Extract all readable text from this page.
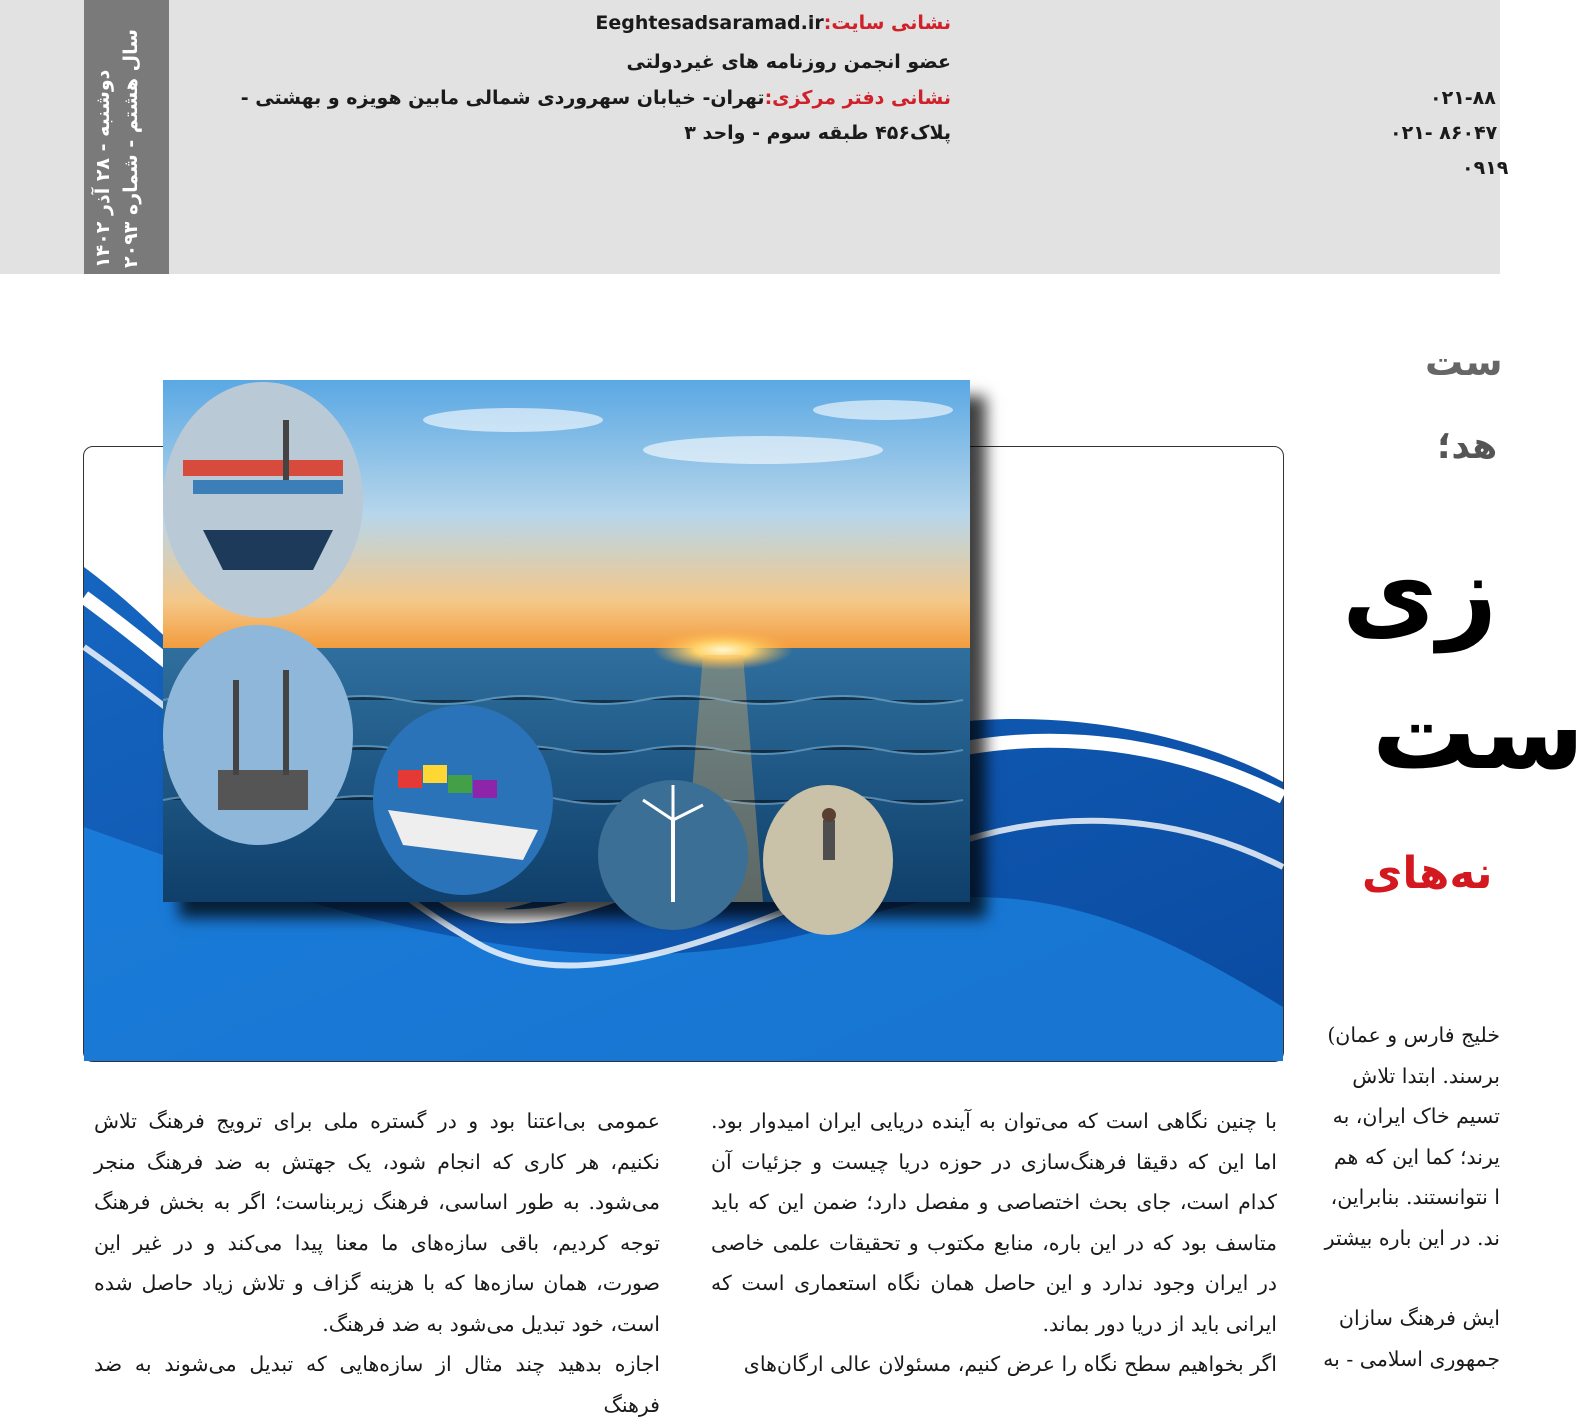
دوشنبه - ۲۸ آذر ۱۴۰۲
سال هشتم - شماره ۲۰۹۳
نشانی سایت:Eeghtesadsaramad.ir
عضو انجمن روزنامه های غیردولتی
نشانی دفتر مرکزی:تهران- خیابان سهروردی شمالی مابین هویزه و بهشتی -
پلاک۴۵۶ طبقه سوم - واحد ۳
۰۲۱-۸۸
۰۲۱- ۸۶۰۴۷
۰۹۱۹
ست
هد؛
زی
ست
نه‌های

عمومی بی‌اعتنا بود و در گستره ملی برای ترویج فرهنگ تلاش نکنیم، هر کاری که انجام شود، یک جهتش به ضد فرهنگ منجر می‌شود. به طور اساسی، فرهنگ زیربناست؛ اگر به بخش فرهنگ توجه کردیم، باقی سازه‌های ما معنا پیدا می‌کند و در غیر این صورت، همان سازه‌ها که با هزینه گزاف و تلاش زیاد حاصل شده است، خود تبدیل می‌شود به ضد فرهنگ.

اجازه بدهید چند مثال از سازه‌هایی که تبدیل می‌شوند به ضد فرهنگ

با چنین نگاهی است که می‌توان به آینده دریایی ایران امیدوار بود. اما این که دقیقا فرهنگ‌سازی در حوزه دریا چیست و جزئیات آن کدام است، جای بحث اختصاصی و مفصل دارد؛ ضمن این که باید متاسف بود که در این باره، منابع مکتوب و تحقیقات علمی خاصی در ایران وجود ندارد و این حاصل همان نگاه استعماری است که ایرانی باید از دریا دور بماند.

اگر بخواهیم سطح نگاه را عرض کنیم، مسئولان عالی ارگان‌های

خلیج فارس و عمان)
برسند. ابتدا تلاش
تسیم خاک ایران، به
یرند؛ کما این که هم
ا نتوانستند. بنابراین،
ند. در این باره بیشتر
ایش فرهنگ سازان
جمهوری اسلامی - به
